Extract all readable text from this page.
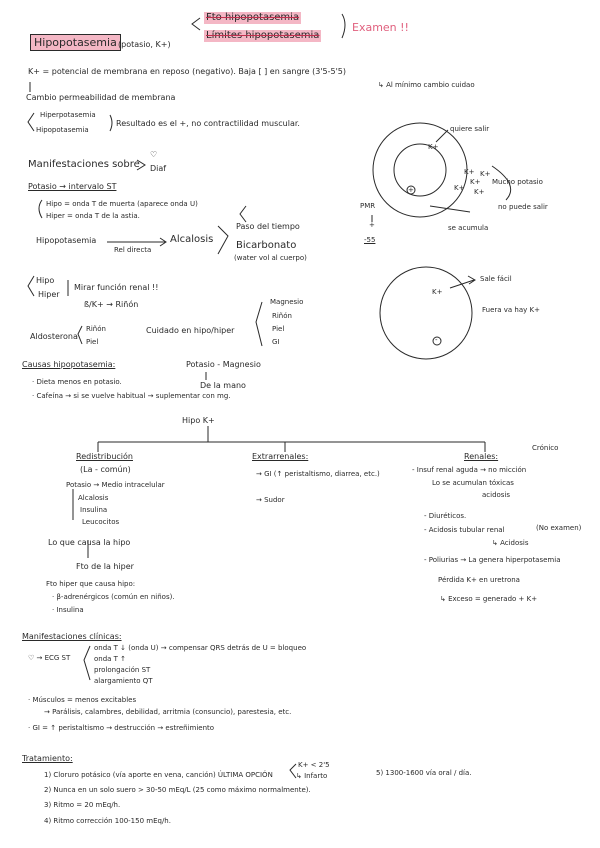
Hipopotasemia (potasio, K+)
Fto hipopotasemia
Límites hipopotasemia
Examen !!
K+ = potencial de membrana en reposo (negativo). Baja [ ] en sangre (3'5-5'5)
↳ Al mínimo cambio cuidao
Cambio permeabilidad de membrana
Hiperpotasemia
Hipopotasemia
Resultado es el +, no contractilidad muscular.
Manifestaciones sobre
♡
Diaf
Potasio → intervalo ST
Hipo = onda T de muerta (aparece onda U)
Hiper = onda T de la astia.
Hipopotasemia
Rel directa
Alcalosis
Paso del tiempo
Bicarbonato
(water vol al cuerpo)
Hipo
Hiper
Mirar función renal !!
ß/K+ → Riñón
Aldosterona
Riñón
Piel
Cuidado en hipo/hiper
Magnesio
Riñón
Piel
GI
Causas hipopotasemia:	Potasio - Magnesio
De la mano
· Dieta menos en potasio.
· Cafeína → si se vuelve habitual → suplementar con mg.
K+
+
quiere salir
K+ K+
K+
K+ K+
Mucho potasio
no puede salir
se acumula
PMR
+
-55
K+
-
Sale fácil
Fuera va hay K+
Hipo K+
Redistribución
(La - común)
Potasio → Medio intracelular
Alcalosis
Insulina
Leucocitos
Lo que causa la hipo
Fto de la hiper
Fto hiper que causa hipo:
· β-adrenérgicos (común en niños).
· Insulina
Extrarrenales:
→ GI (↑ peristaltismo, diarrea, etc.)
→ Sudor
Renales:
Crónico
- Insuf renal aguda → no micción
Lo se acumulan tóxicas
acidosis
- Diuréticos.
- Acidosis tubular renal
↳ Acidosis
(No examen)
- Poliurias → La genera hiperpotasemia
Pérdida K+ en uretrona
↳ Exceso = generado + K+
Manifestaciones clínicas:
♡ → ECG ST
onda T ↓ (onda U) → compensar QRS detrás de U = bloqueo
onda T ↑
prolongación ST
alargamiento QT
· Músculos = menos excitables
→ Parálisis, calambres, debilidad, arritmia (consuncio), parestesia, etc.
· GI = ↑ peristaltismo → destrucción → estreñimiento
Tratamiento:
K+ < 2'5
↳ Infarto
1) Cloruro potásico (vía aporte en vena, canción) ÚLTIMA OPCIÓN
2) Nunca en un solo suero > 30-50 mEq/L (25 como máximo normalmente).
3) Ritmo = 20 mEq/h.
4) Ritmo corrección 100-150 mEq/h.
5) 1300-1600 vía oral / día.
